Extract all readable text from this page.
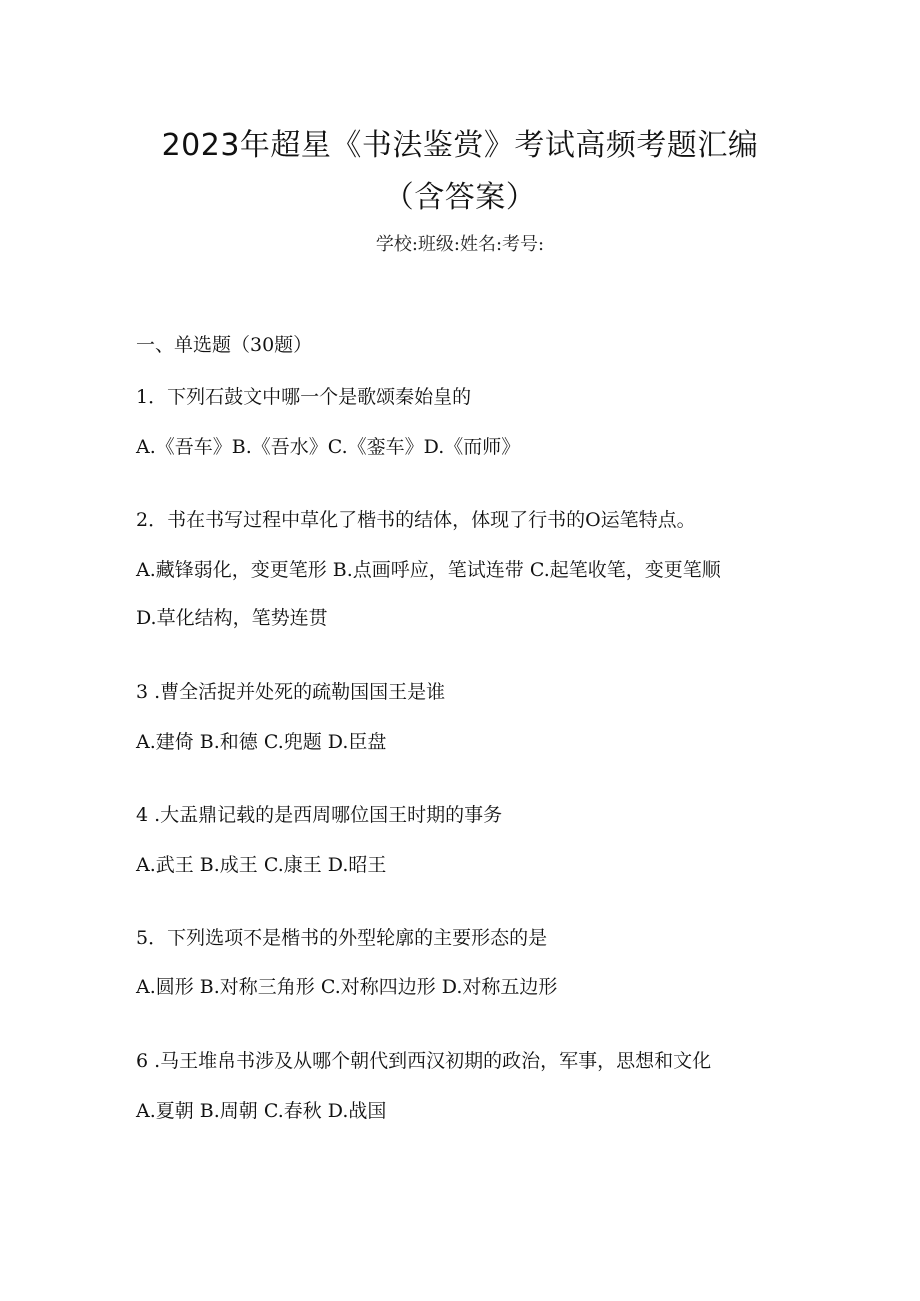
2023年超星《书法鉴赏》考试高频考题汇编
（含答案）
学校:班级:姓名:考号:
一、单选题（30题）
1．下列石鼓文中哪一个是歌颂秦始皇的
A.《吾车》B.《吾水》C.《銮车》D.《而师》
2．书在书写过程中草化了楷书的结体，体现了行书的O运笔特点。
A.藏锋弱化，变更笔形 B.点画呼应，笔试连带 C.起笔收笔，变更笔顺
D.草化结构，笔势连贯
3 .曹全活捉并处死的疏勒国国王是谁
A.建倚 B.和德 C.兜题 D.臣盘
4 .大盂鼎记载的是西周哪位国王时期的事务
A.武王 B.成王 C.康王 D.昭王
5．下列选项不是楷书的外型轮廓的主要形态的是
A.圆形 B.对称三角形 C.对称四边形 D.对称五边形
6 .马王堆帛书涉及从哪个朝代到西汉初期的政治，军事，思想和文化
A.夏朝 B.周朝 C.春秋 D.战国
